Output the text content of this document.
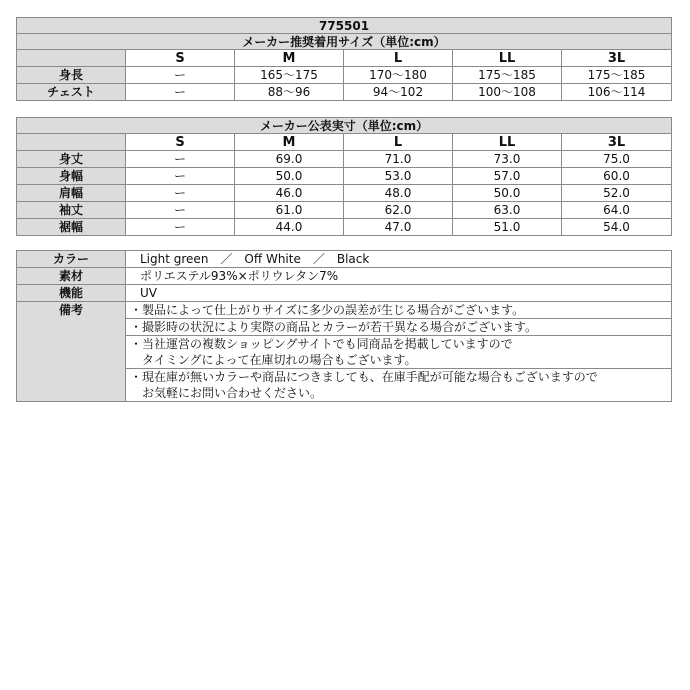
775501					
メーカー推奨着用サイズ（単位:cm）					
	S	M	L	LL	3L
身長	ー	165〜175	170〜180	175〜185	175〜185
チェスト	ー	88〜96	94〜102	100〜108	106〜114
メーカー公表実寸（単位:cm）					
	S	M	L	LL	3L
身丈	ー	69.0	71.0	73.0	75.0
身幅	ー	50.0	53.0	57.0	60.0
肩幅	ー	46.0	48.0	50.0	52.0
袖丈	ー	61.0	62.0	63.0	64.0
裾幅	ー	44.0	47.0	51.0	54.0
カラー	Light green　／　Off White　／　Black
素材	ポリエステル93%×ポリウレタン7%
機能	UV
備考	・製品によって仕上がりサイズに多少の誤差が生じる場合がございます。
	・撮影時の状況により実際の商品とカラーが若干異なる場合がございます。

	・当社運営の複数ショッピングサイトでも同商品を掲載していますので
　タイミングによって在庫切れの場合もございます。

	・現在庫が無いカラーや商品につきましても、在庫手配が可能な場合もございますので
　お気軽にお問い合わせください。
